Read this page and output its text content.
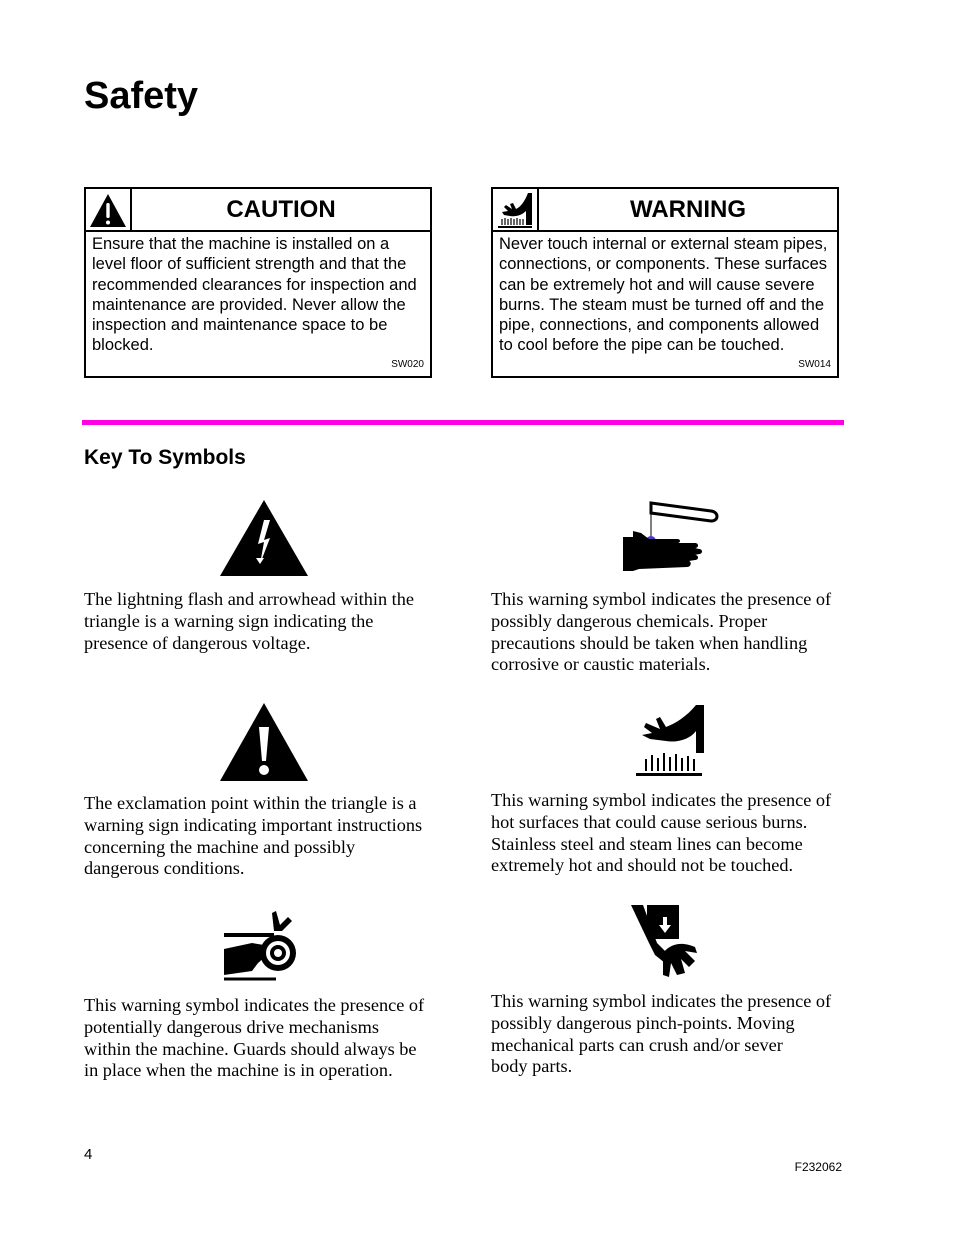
Safety
CAUTION
Ensure that the machine is installed on a level floor of sufficient strength and that the recommended clearances for inspection and maintenance are provided. Never allow the inspection and maintenance space to be blocked.
SW020
WARNING
Never touch internal or external steam pipes, connections, or components. These surfaces can be extremely hot and will cause severe burns. The steam must be turned off and the pipe, connections, and components allowed to cool before the pipe can be touched.
SW014
Key To Symbols
The lightning flash and arrowhead within the
triangle is a warning sign indicating the
presence of dangerous voltage.
This warning symbol indicates the presence of
possibly dangerous chemicals. Proper
precautions should be taken when handling
corrosive or caustic materials.
The exclamation point within the triangle is a
warning sign indicating important instructions
concerning the machine and possibly
dangerous conditions.
This warning symbol indicates the presence of
hot surfaces that could cause serious burns.
Stainless steel and steam lines can become
extremely hot and should not be touched.
This warning symbol indicates the presence of
potentially dangerous drive mechanisms
within the machine. Guards should always be
in place when the machine is in operation.
This warning symbol indicates the presence of
possibly dangerous pinch-points. Moving
mechanical parts can crush and/or sever
body parts.
4
F232062
